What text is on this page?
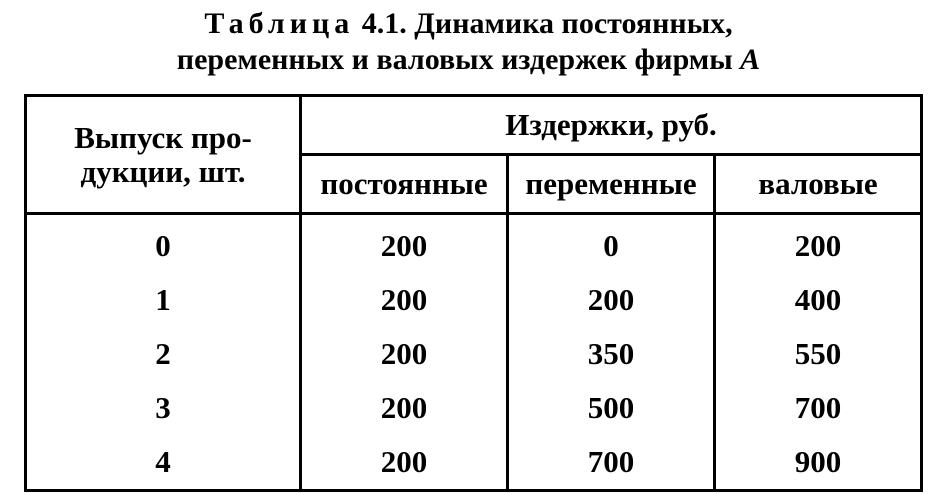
Таблица 4.1. Динамика постоянных,
переменных и валовых издержек фирмы A
Выпуск про-
дукции, шт.	Издержки, руб.		
	постоянные	переменные	валовые
0	200	0	200
1	200	200	400
2	200	350	550
3	200	500	700
4	200	700	900
